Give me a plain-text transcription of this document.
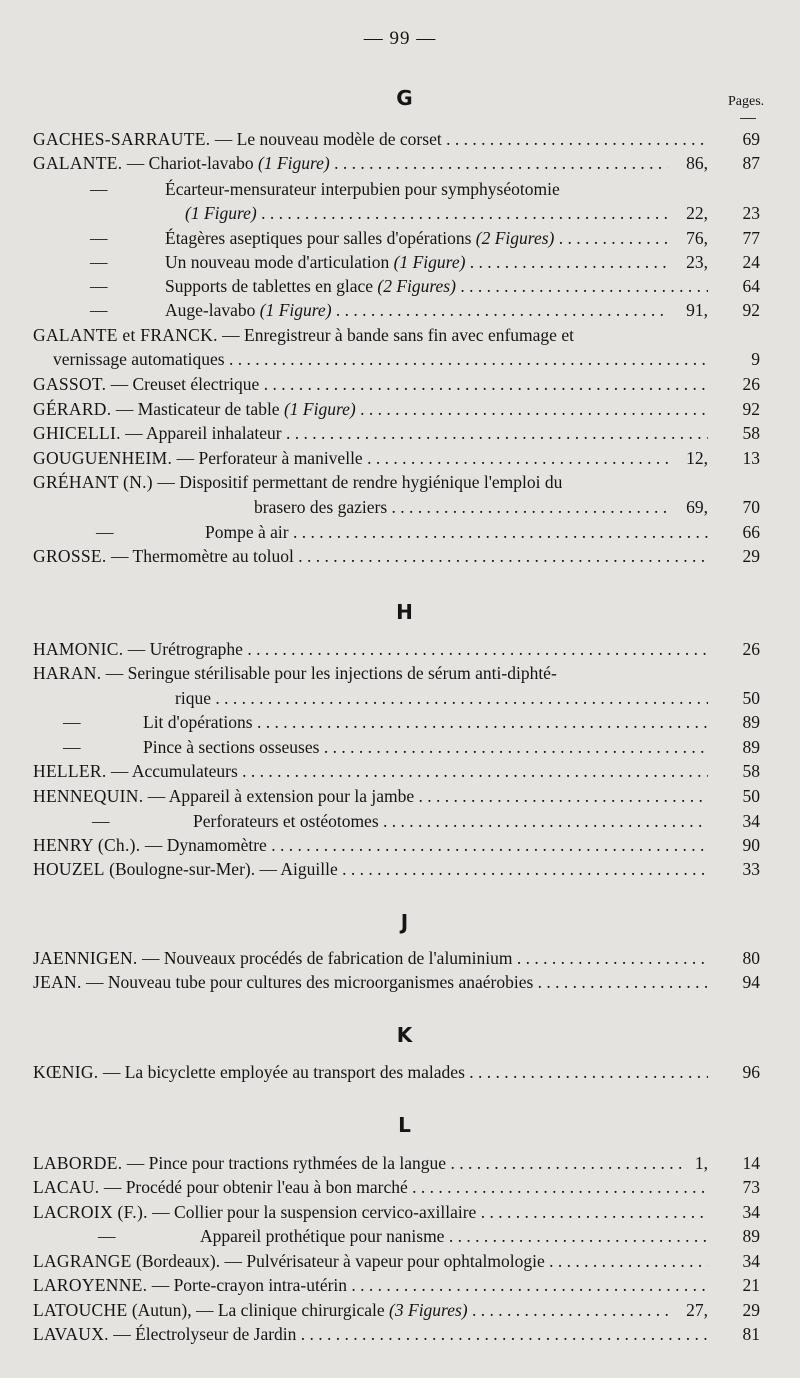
— 99 —
G	Pages.
GACHES-SARRAUTE. — Le nouveau modèle de corset . . .	69
GALANTE. — Chariot-lavabo (1 Figure) . . .	86, 87
—	Écarteur-mensurateur interpubien pour symphyséotomie
(1 Figure) . . .	22, 23
—	Étagères aseptiques pour salles d'opérations (2 Figures) . . .	76, 77
—	Un nouveau mode d'articulation (1 Figure) . . .	23, 24
—	Supports de tablettes en glace (2 Figures) . . .	64
—	Auge-lavabo (1 Figure) . . .	91, 92
GALANTE et FRANCK. — Enregistreur à bande sans fin avec enfumage et
vernissage automatiques . . .	9
GASSOT. — Creuset électrique . . .	26
GÉRARD. — Masticateur de table (1 Figure) . . .	92
GHICELLI. — Appareil inhalateur . . .	58
GOUGUENHEIM. — Perforateur à manivelle . . .	12, 13
GRÉHANT (N.) — Dispositif permettant de rendre hygiénique l'emploi du
brasero des gaziers . . .	69, 70
—	Pompe à air . . .	66
GROSSE. — Thermomètre au toluol . . .	29
H
HAMONIC. — Urétrographe . . .	26
HARAN. — Seringue stérilisable pour les injections de sérum anti-diphté-
rique . . .	50
—	Lit d'opérations . . .	89
—	Pince à sections osseuses . . .	89
HELLER. — Accumulateurs . . .	58
HENNEQUIN. — Appareil à extension pour la jambe . . .	50
—	Perforateurs et ostéotomes . . .	34
HENRY (Ch.). — Dynamomètre . . .	90
HOUZEL (Boulogne-sur-Mer). — Aiguille . . .	33
J
JAENNIGEN. — Nouveaux procédés de fabrication de l'aluminium . . .	80
JEAN. — Nouveau tube pour cultures des microorganismes anaérobies . . .	94
K
KŒNIG. — La bicyclette employée au transport des malades . . .	96
L
LABORDE. — Pince pour tractions rythmées de la langue . . .	1, 14
LACAU. — Procédé pour obtenir l'eau à bon marché . . .	73
LACROIX (F.). — Collier pour la suspension cervico-axillaire . . .	34
—	Appareil prothétique pour nanisme . . .	89
LAGRANGE (Bordeaux). — Pulvérisateur à vapeur pour ophtalmologie . . .	34
LAROYENNE. — Porte-crayon intra-utérin . . .	21
LATOUCHE (Autun), — La clinique chirurgicale (3 Figures) . . .	27, 29
LAVAUX. — Électrolyseur de Jardin . . .	81
